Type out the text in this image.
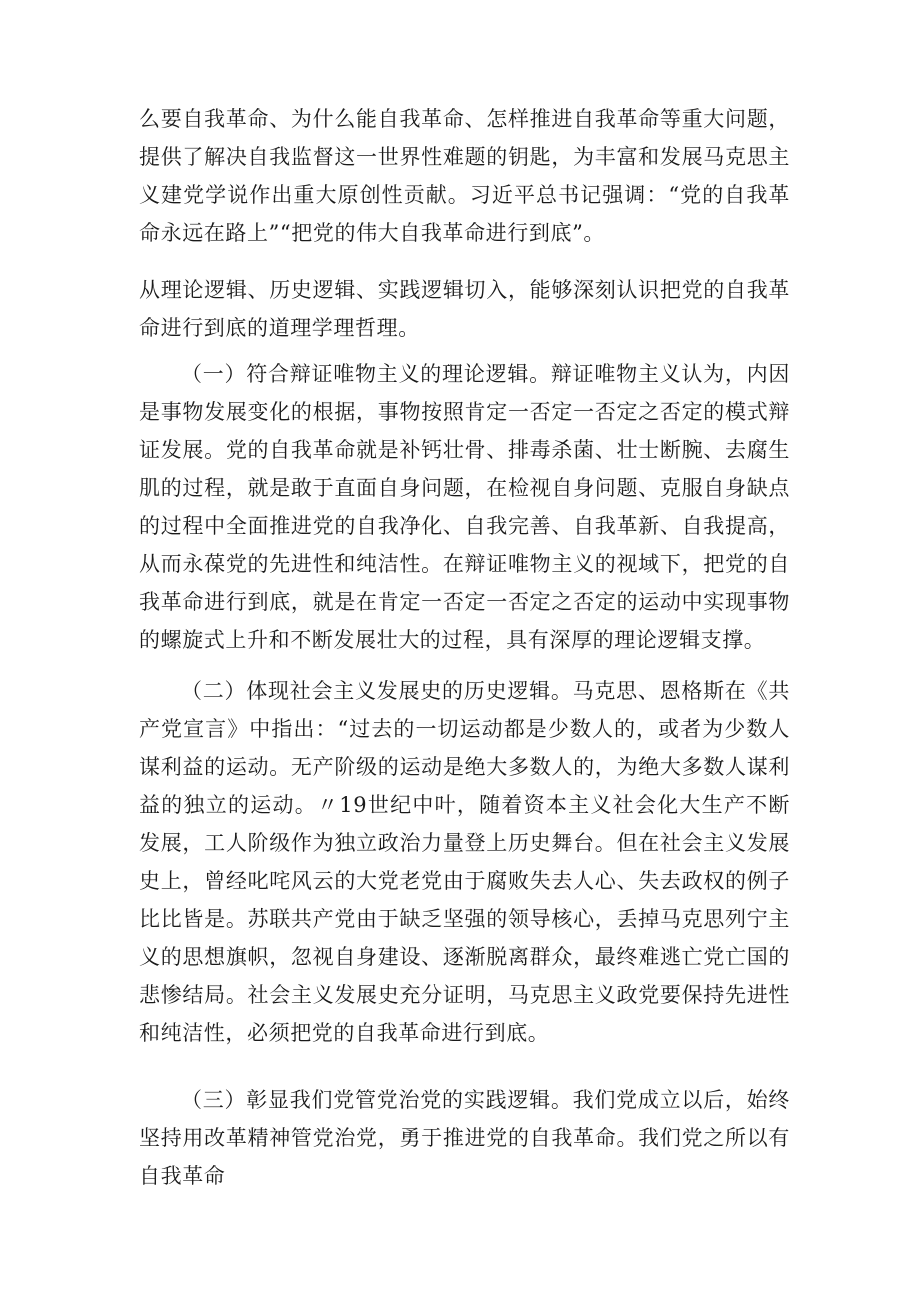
么要自我革命、为什么能自我革命、怎样推进自我革命等重大问题，提供了解决自我监督这一世界性难题的钥匙，为丰富和发展马克思主义建党学说作出重大原创性贡献。习近平总书记强调：“党的自我革命永远在路上”“把党的伟大自我革命进行到底”。

从理论逻辑、历史逻辑、实践逻辑切入，能够深刻认识把党的自我革命进行到底的道理学理哲理。

（一）符合辩证唯物主义的理论逻辑。辩证唯物主义认为，内因是事物发展变化的根据，事物按照肯定一否定一否定之否定的模式辩证发展。党的自我革命就是补钙壮骨、排毒杀菌、壮士断腕、去腐生肌的过程，就是敢于直面自身问题，在检视自身问题、克服自身缺点的过程中全面推进党的自我净化、自我完善、自我革新、自我提高，从而永葆党的先进性和纯洁性。在辩证唯物主义的视域下，把党的自我革命进行到底，就是在肯定一否定一否定之否定的运动中实现事物的螺旋式上升和不断发展壮大的过程，具有深厚的理论逻辑支撑。

（二）体现社会主义发展史的历史逻辑。马克思、恩格斯在《共产党宣言》中指出：“过去的一切运动都是少数人的，或者为少数人谋利益的运动。无产阶级的运动是绝大多数人的，为绝大多数人谋利益的独立的运动。〃19世纪中叶，随着资本主义社会化大生产不断发展，工人阶级作为独立政治力量登上历史舞台。但在社会主义发展史上，曾经叱咤风云的大党老党由于腐败失去人心、失去政权的例子比比皆是。苏联共产党由于缺乏坚强的领导核心，丢掉马克思列宁主义的思想旗帜，忽视自身建设、逐渐脱离群众，最终难逃亡党亡国的悲惨结局。社会主义发展史充分证明，马克思主义政党要保持先进性和纯洁性，必须把党的自我革命进行到底。

（三）彰显我们党管党治党的实践逻辑。我们党成立以后，始终坚持用改革精神管党治党，勇于推进党的自我革命。我们党之所以有自我革命
